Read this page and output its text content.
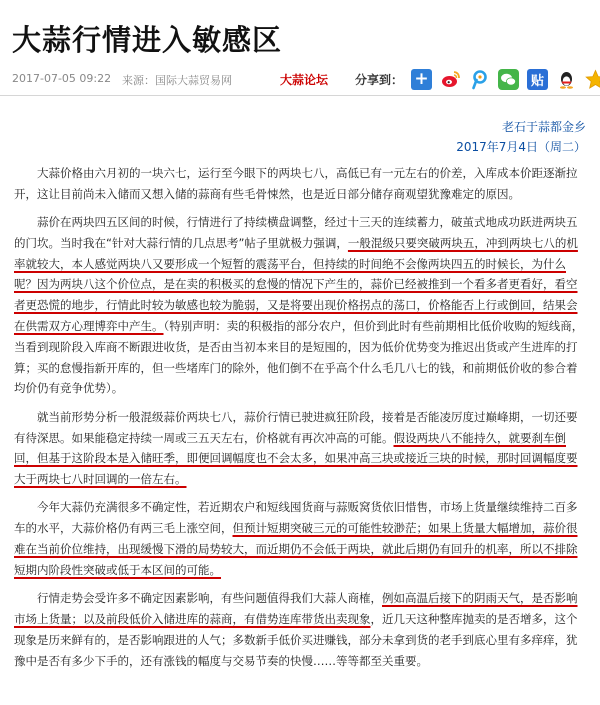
大蒜行情进入敏感区
2017-07-05 09:22 来源：国际大蒜贸易网	大蒜论坛 分享到： +	贴
老石于蒜都金乡
2017年7月4日（周二）

大蒜价格由六月初的一块六七，运行至今眼下的两块七八，高低已有一元左右的价差，入库成本价距逐渐拉开，这让目前尚未入储而又想入储的蒜商有些毛骨悚然，也是近日部分储存商观望犹豫难定的原因。

蒜价在两块四五区间的时候，行情进行了持续横盘调整，经过十三天的连续蓄力，破茧式地成功跃进两块五的门坎。当时我在“针对大蒜行情的几点思考”帖子里就极力强调，一般混级只要突破两块五，冲到两块七八的机率就较大，本人感觉两块八又要形成一个短暂的震荡平台，但持续的时间绝不会像两块四五的时候长，为什么呢？因为两块八这个价位点，是在卖的积极买的怠慢的情况下产生的，蒜价已经被推到一个看多者更看好，看空者更恐慌的地步，行情此时较为敏感也较为脆弱，又是将要出现价格拐点的荡口，价格能否上行或倒回，结果会在供需双方心理博弈中产生。（特别声明：卖的积极指的部分农户，但价到此时有些前期相比低价收购的短线商，当看到现阶段入库商不断跟进收货，是否由当初本来目的是短囤的，因为低价优势变为推迟出货或产生进库的打算；买的怠慢指新开库的，但一些堵库门的除外，他们倒不在乎高个什么毛几八七的钱，和前期低价收的参合着均价仍有竞争优势）。

就当前形势分析一般混级蒜价两块七八，蒜价行情已驶进疯狂阶段，接着是否能凌厉度过巅峰期，一切还要有待深思。如果能稳定持续一周或三五天左右，价格就有再次冲高的可能。假设两块八不能持久，就要刹车倒回，但基于这阶段本是入储旺季，即便回调幅度也不会太多，如果冲高三块或接近三块的时候，那时回调幅度要大于两块七八时回调的一倍左右。

今年大蒜仍充满很多不确定性，若近期农户和短线囤货商与蒜贩窝货依旧惜售，市场上货量继续维持二百多车的水平，大蒜价格仍有两三毛上涨空间，但预计短期突破三元的可能性较渺茫；如果上货量大幅增加，蒜价很难在当前价位维持，出现缓慢下滑的局势较大，而近期仍不会低于两块，就此后期仍有回升的机率，所以不排除短期内阶段性突破或低于本区间的可能。

行情走势会受许多不确定因素影响，有些问题值得我们大蒜人商榷，例如高温后接下的阴雨天气，是否影响市场上货量；以及前段低价入储进库的蒜商，有借势连库带货出卖现象，近几天这种整库抛卖的是否增多，这个现象是历来鲜有的，是否影响跟进的人气；多数新手低价买进赚钱，部分未拿到货的老手到底心里有多痒痒，犹豫中是否有多少下手的，还有涨钱的幅度与交易节奏的快慢……等等都至关重要。
